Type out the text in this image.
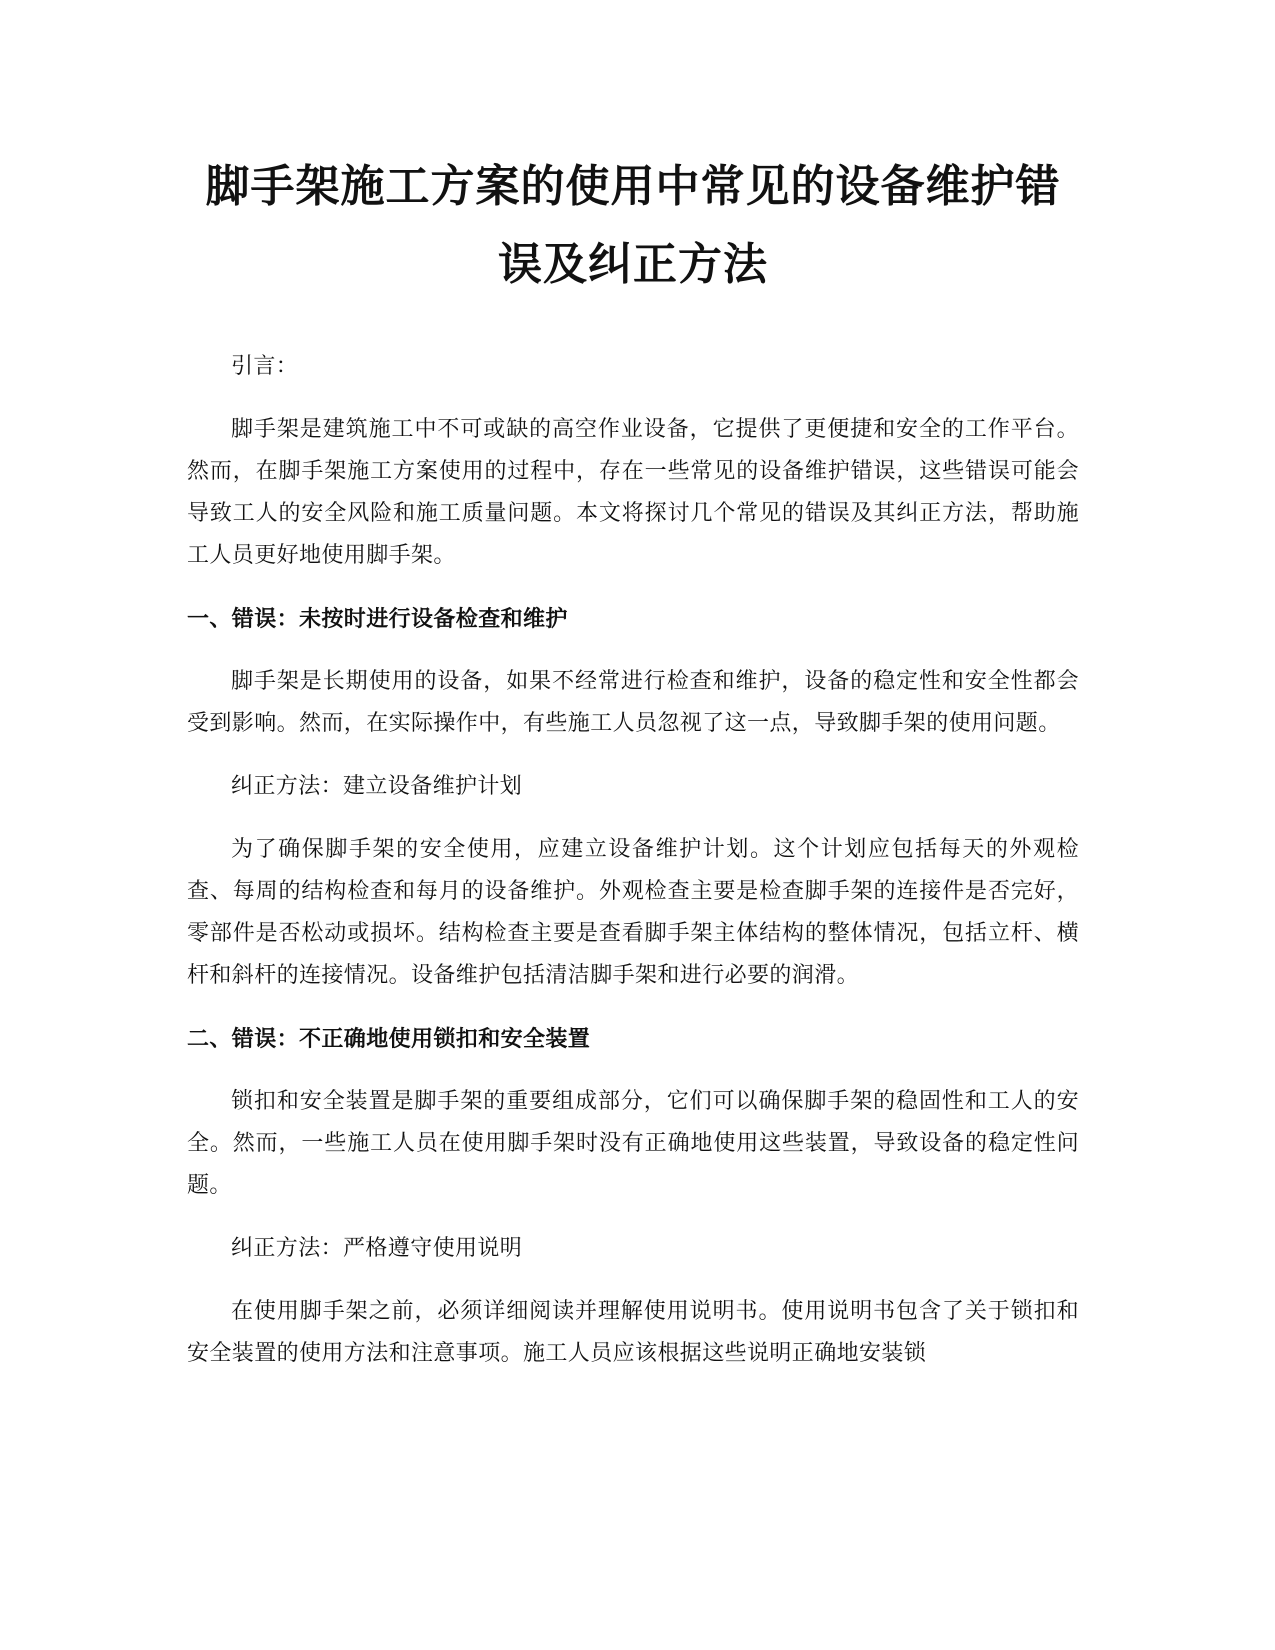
脚手架施工方案的使用中常见的设备维护错
误及纠正方法

引言：

脚手架是建筑施工中不可或缺的高空作业设备，它提供了更便捷和安全的工作平台。然而，在脚手架施工方案使用的过程中，存在一些常见的设备维护错误，这些错误可能会导致工人的安全风险和施工质量问题。本文将探讨几个常见的错误及其纠正方法，帮助施工人员更好地使用脚手架。

一、错误：未按时进行设备检查和维护

脚手架是长期使用的设备，如果不经常进行检查和维护，设备的稳定性和安全性都会受到影响。然而，在实际操作中，有些施工人员忽视了这一点，导致脚手架的使用问题。

纠正方法：建立设备维护计划

为了确保脚手架的安全使用，应建立设备维护计划。这个计划应包括每天的外观检查、每周的结构检查和每月的设备维护。外观检查主要是检查脚手架的连接件是否完好，零部件是否松动或损坏。结构检查主要是查看脚手架主体结构的整体情况，包括立杆、横杆和斜杆的连接情况。设备维护包括清洁脚手架和进行必要的润滑。

二、错误：不正确地使用锁扣和安全装置

锁扣和安全装置是脚手架的重要组成部分，它们可以确保脚手架的稳固性和工人的安全。然而，一些施工人员在使用脚手架时没有正确地使用这些装置，导致设备的稳定性问题。

纠正方法：严格遵守使用说明

在使用脚手架之前，必须详细阅读并理解使用说明书。使用说明书包含了关于锁扣和安全装置的使用方法和注意事项。施工人员应该根据这些说明正确地安装锁
